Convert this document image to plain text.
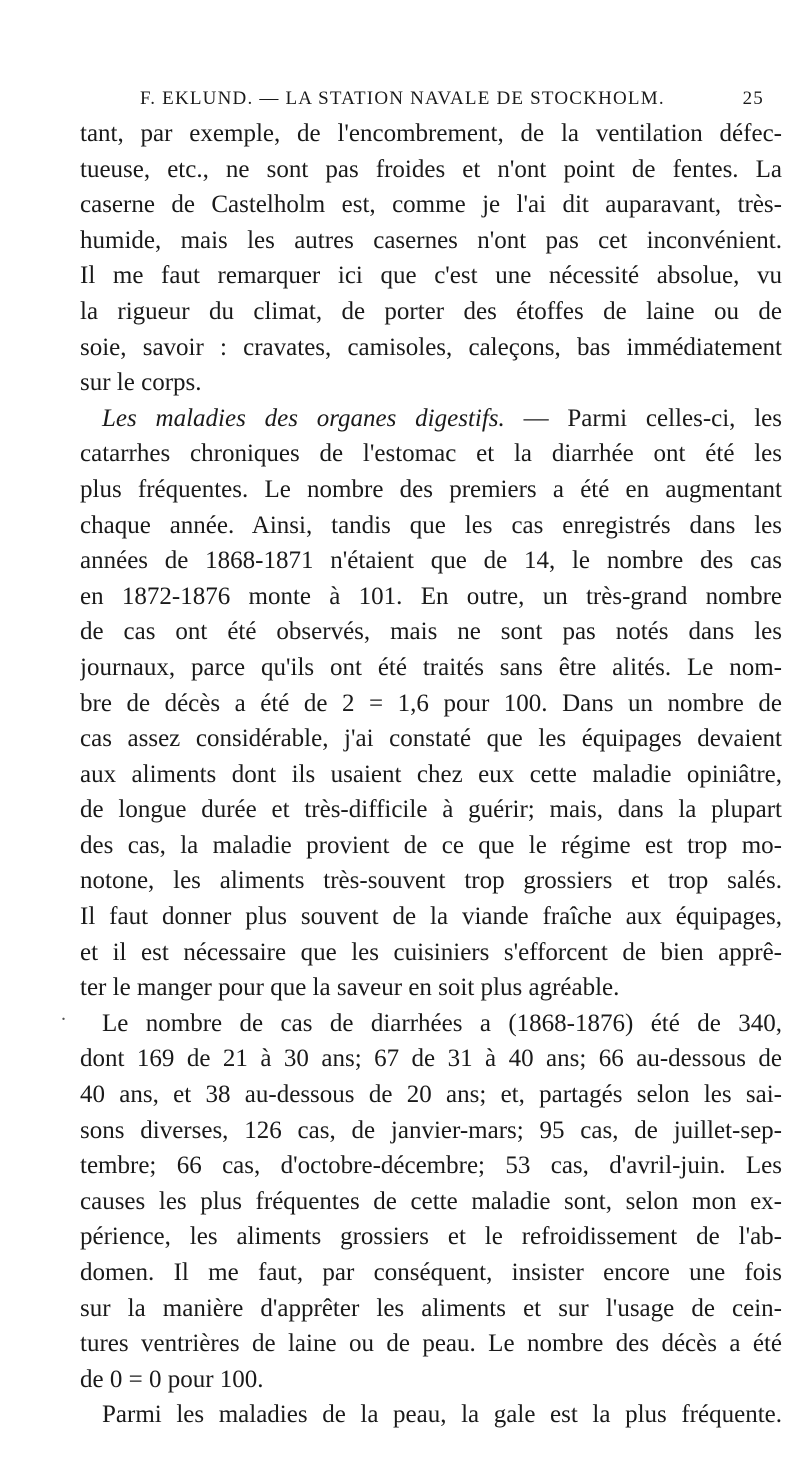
F. EKLUND. — LA STATION NAVALE DE STOCKHOLM.	25
.
tant, par exemple, de l'encombrement, de la ventilation défec-
tueuse, etc., ne sont pas froides et n'ont point de fentes. La
caserne de Castelholm est, comme je l'ai dit auparavant, très-
humide, mais les autres casernes n'ont pas cet inconvénient.
Il me faut remarquer ici que c'est une nécessité absolue, vu
la rigueur du climat, de porter des étoffes de laine ou de
soie, savoir : cravates, camisoles, caleçons, bas immédiatement
sur le corps.
Les maladies des organes digestifs. — Parmi celles-ci, les
catarrhes chroniques de l'estomac et la diarrhée ont été les
plus fréquentes. Le nombre des premiers a été en augmentant
chaque année. Ainsi, tandis que les cas enregistrés dans les
années de 1868-1871 n'étaient que de 14, le nombre des cas
en 1872-1876 monte à 101. En outre, un très-grand nombre
de cas ont été observés, mais ne sont pas notés dans les
journaux, parce qu'ils ont été traités sans être alités. Le nom-
bre de décès a été de 2 = 1,6 pour 100. Dans un nombre de
cas assez considérable, j'ai constaté que les équipages devaient
aux aliments dont ils usaient chez eux cette maladie opiniâtre,
de longue durée et très-difficile à guérir; mais, dans la plupart
des cas, la maladie provient de ce que le régime est trop mo-
notone, les aliments très-souvent trop grossiers et trop salés.
Il faut donner plus souvent de la viande fraîche aux équipages,
et il est nécessaire que les cuisiniers s'efforcent de bien apprê-
ter le manger pour que la saveur en soit plus agréable.
Le nombre de cas de diarrhées a (1868-1876) été de 340,
dont 169 de 21 à 30 ans; 67 de 31 à 40 ans; 66 au-dessous de
40 ans, et 38 au-dessous de 20 ans; et, partagés selon les sai-
sons diverses, 126 cas, de janvier-mars; 95 cas, de juillet-sep-
tembre; 66 cas, d'octobre-décembre; 53 cas, d'avril-juin. Les
causes les plus fréquentes de cette maladie sont, selon mon ex-
périence, les aliments grossiers et le refroidissement de l'ab-
domen. Il me faut, par conséquent, insister encore une fois
sur la manière d'apprêter les aliments et sur l'usage de cein-
tures ventrières de laine ou de peau. Le nombre des décès a été
de 0 = 0 pour 100.
Parmi les maladies de la peau, la gale est la plus fréquente.
